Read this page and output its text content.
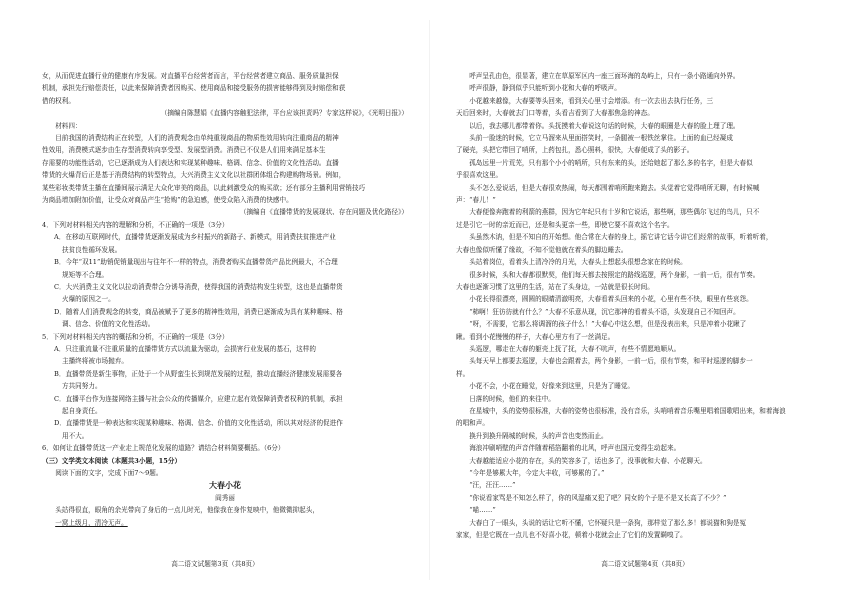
女，从而促进直播行业的健康有序发展。对直播平台经营者而言，平台经营者建立商品、服务质量担保

机制，承担先行赔偿责任，以此来保障消费者因购买、使用商品和接受服务的损害能够得到及时赔偿和获

借的权利。

（摘编自陈慧娟《直播内容触犯法律，平台应该担责吗？专家这样说》，《光明日报》）

材料四：

目前我国的消费结构正在转型，人们的消费观念由单纯重视商品的物质性效用转向注重商品的精神

性效用，消费模式逐步由生存型消费转向享受型、发展型消费。消费已不仅是人们用来满足基本生

存需要的功能性活动，它已逐渐成为人们表达和实现某种趣味、格调、信念、价值的文化性活动。直播

带货的火爆背后正是基于消费结构的转型特点，大兴消费主义文化以社群团体组合构建购物场景。例如，

某些彩妆类带货主播在直播间展示满足大众化审美的商品，以此刺激受众的购买欲；还有部分主播利用营销技巧

为商品增加附加价值，让受众对商品产生“抢购”的急迫感，使受众陷入消费的快感中。

（摘编自《直播带货的发展现状、存在问题及优化路径》）

4．下列对材料相关内容的理解和分析，不正确的一项是（3分）

A．在移动互联网时代，直播带货逐渐发展成为乡村振兴的新路子、新模式，用消费扶贫推进产业

扶贫良性循环发展。

B．今年“双11”助销促销量现出与往年不一样的特点，消费者购买直播带货产品比例最大，不合理

规矩等不合理。

C．大兴消费主义文化以拉动消费带合分诱导消费，使得我国的消费结构发生转型，这也是直播带货

火爆的原因之一。

D．随着人们消费观念的转变，商品被赋予了更多的精神性效用，消费已逐渐成为具有某种趣味、格

调、信念、价值的文化性活动。

5．下列对材料相关内容的概括和分析，不正确的一项是（3分）

A．只注重流量不注重质量的直播带货方式以流量为驱动，会损害行业发展的基石，这样的

主播终将被市场抛弃。

B．直播带货是新生事物，正处于一个从野蛮生长到规范发展的过程，推动直播经济健康发展需要各

方共同努力。

C．直播平台作为连接网络主播与社会公众的传播媒介，应建立起有效保障消费者权利的机制，承担

起自身责任。

D．直播带货是一种表达和实现某种趣味、格调、信念、价值的文化性活动，所以其对经济的促进作

用不大。

6．如何让直播带货这一产业走上规范化发展的道路？请结合材料简要概括。（6分）

（三）文学类文本阅读（本题共3小题，15分）

阅读下面的文字，完成下面7～9题。

大春小花

阎秀丽

头站得很直，眼角的余光带向了身后的一点儿时光，他像我在身作复映中，他微微抑起头，

一窝上级月，清冷无声。

高二语文试题第3页（共8页）

呼声呈孔由色，很显著，建立在草原军区内一座三面环海的岛屿上，只有一条小路通向外界。

呼声很静，静到似乎只能听到小花和大春的呼吸声。

小花越来越像，大春要等头回来，看到关心里寸会增添。有一次去出去执行任务，三

天后回来时，大春就去门口等着，头看吉看到了大春那焦急的神态。

以后，我去哪儿都带着你。头抚摸着大春说这句话的时候，大春的眼圈是大春的脸上理了理。

头前一脸迷的时候，它立马溜来从里面搭笑时，一条腿被一根铁丝掌住。上面的血已经凝成

了硬壳，头把它带回了哨所，上药包扎，悉心照料，很快，大春便成了头的影子。

孤岛远里一片荒芜，只有那个小小的哨所，只有东来的头，还给她起了那么多的名字，但是大春似

乎很喜欢这里。

头不怎么爱说话，但是大春很欢热闹，每天都围着哨所跑来跑去。头觉着它觉得哨所无聊，有时候喊

声：“春儿！”

大春便像奔跑着的利箭的燕群，因为它年纪只有十岁和它说话，那些啊，那些偶尔飞过的鸟儿，只不

过是引它一时的亲近而已，还是和头更亲一些，即使它要不喜欢这个名字。

头虽然木讷，但是不知自的开始想。他合常在大春的身上，摇它讲它话今讲它们经常的故事，听着听着，

大春也像似听懂了缘故，不知不觉他就在着头的脚边睡去。

头站着岗位，看着头上清冷冷的月光，大春头上想起头很想念家在的时候。

很多时候，头和大春都很默契，他们每天都去按照定的路线巡逻，两个身影，一前一后，很有节奏。

大春也逐渐习惯了这里的生活，站在了头身边，一站就是很长时间。

小花长得很漂亮，圆圆的眼睛清澈明亮，大春看着头回来的小花，心里有些不快，眼里有些哀怨。

“柿啊！狂彷彷就有什么？”大春不乐意从现，沉它那神的看着头不语，头发现自己不知回声。

“呀，不需要，它那么将调溜的孩子什么！”大春心中这么想，但是没表出来，只是冲着小花瞅了

瞅。看到小花慢慢的样子，大春心里方有了一丝满足。

头巡逻，哪走在大春的躯壳上抚了抚，大春不吭声，有些不情愿地顺从。

头每天早上都要去巡逻，大春也会跟着去，两个身影，一前一后，很有节奏，和平时巡逻的脚步一

样。

小花不会，小花在睡觉，好像来到这里，只是为了睡觉。

日落的时候，他们的来往中。

在星城中，头的姿势很标准，大春的姿势也很标准，没有音乐，头哨哨着音乐嘴里唱着国歌唱出来，和着海浪

的唱和声。

换升到换升隔城的时候，头的声音也变然而止。

海浪冲刷哨壁的声音伴随着稻箔翻着的北风，呼声也国元变得生动起来。

大春越能适应小花的存在，头的笑容多了，话也多了，没事就和大春、小花聊天。

“今年是够累大年，今定大丰收，可够累的了。”

“汪，汪汪……”

“你说看家骂是不知怎么样了，你的风湿痛又犯了吧？同女的个子是不是又长高了不少？”

“喵……”

大春白了一眼头，头说的话让它听不懂，它怀疑只是一条狗，那样觉了那么多！都说猫和狗是冤

家家，但是它既在一点儿也不好喜小花，顿着小花就会止了它们的发置瞒嗅了。

高二语文试题第4页（共8页）
